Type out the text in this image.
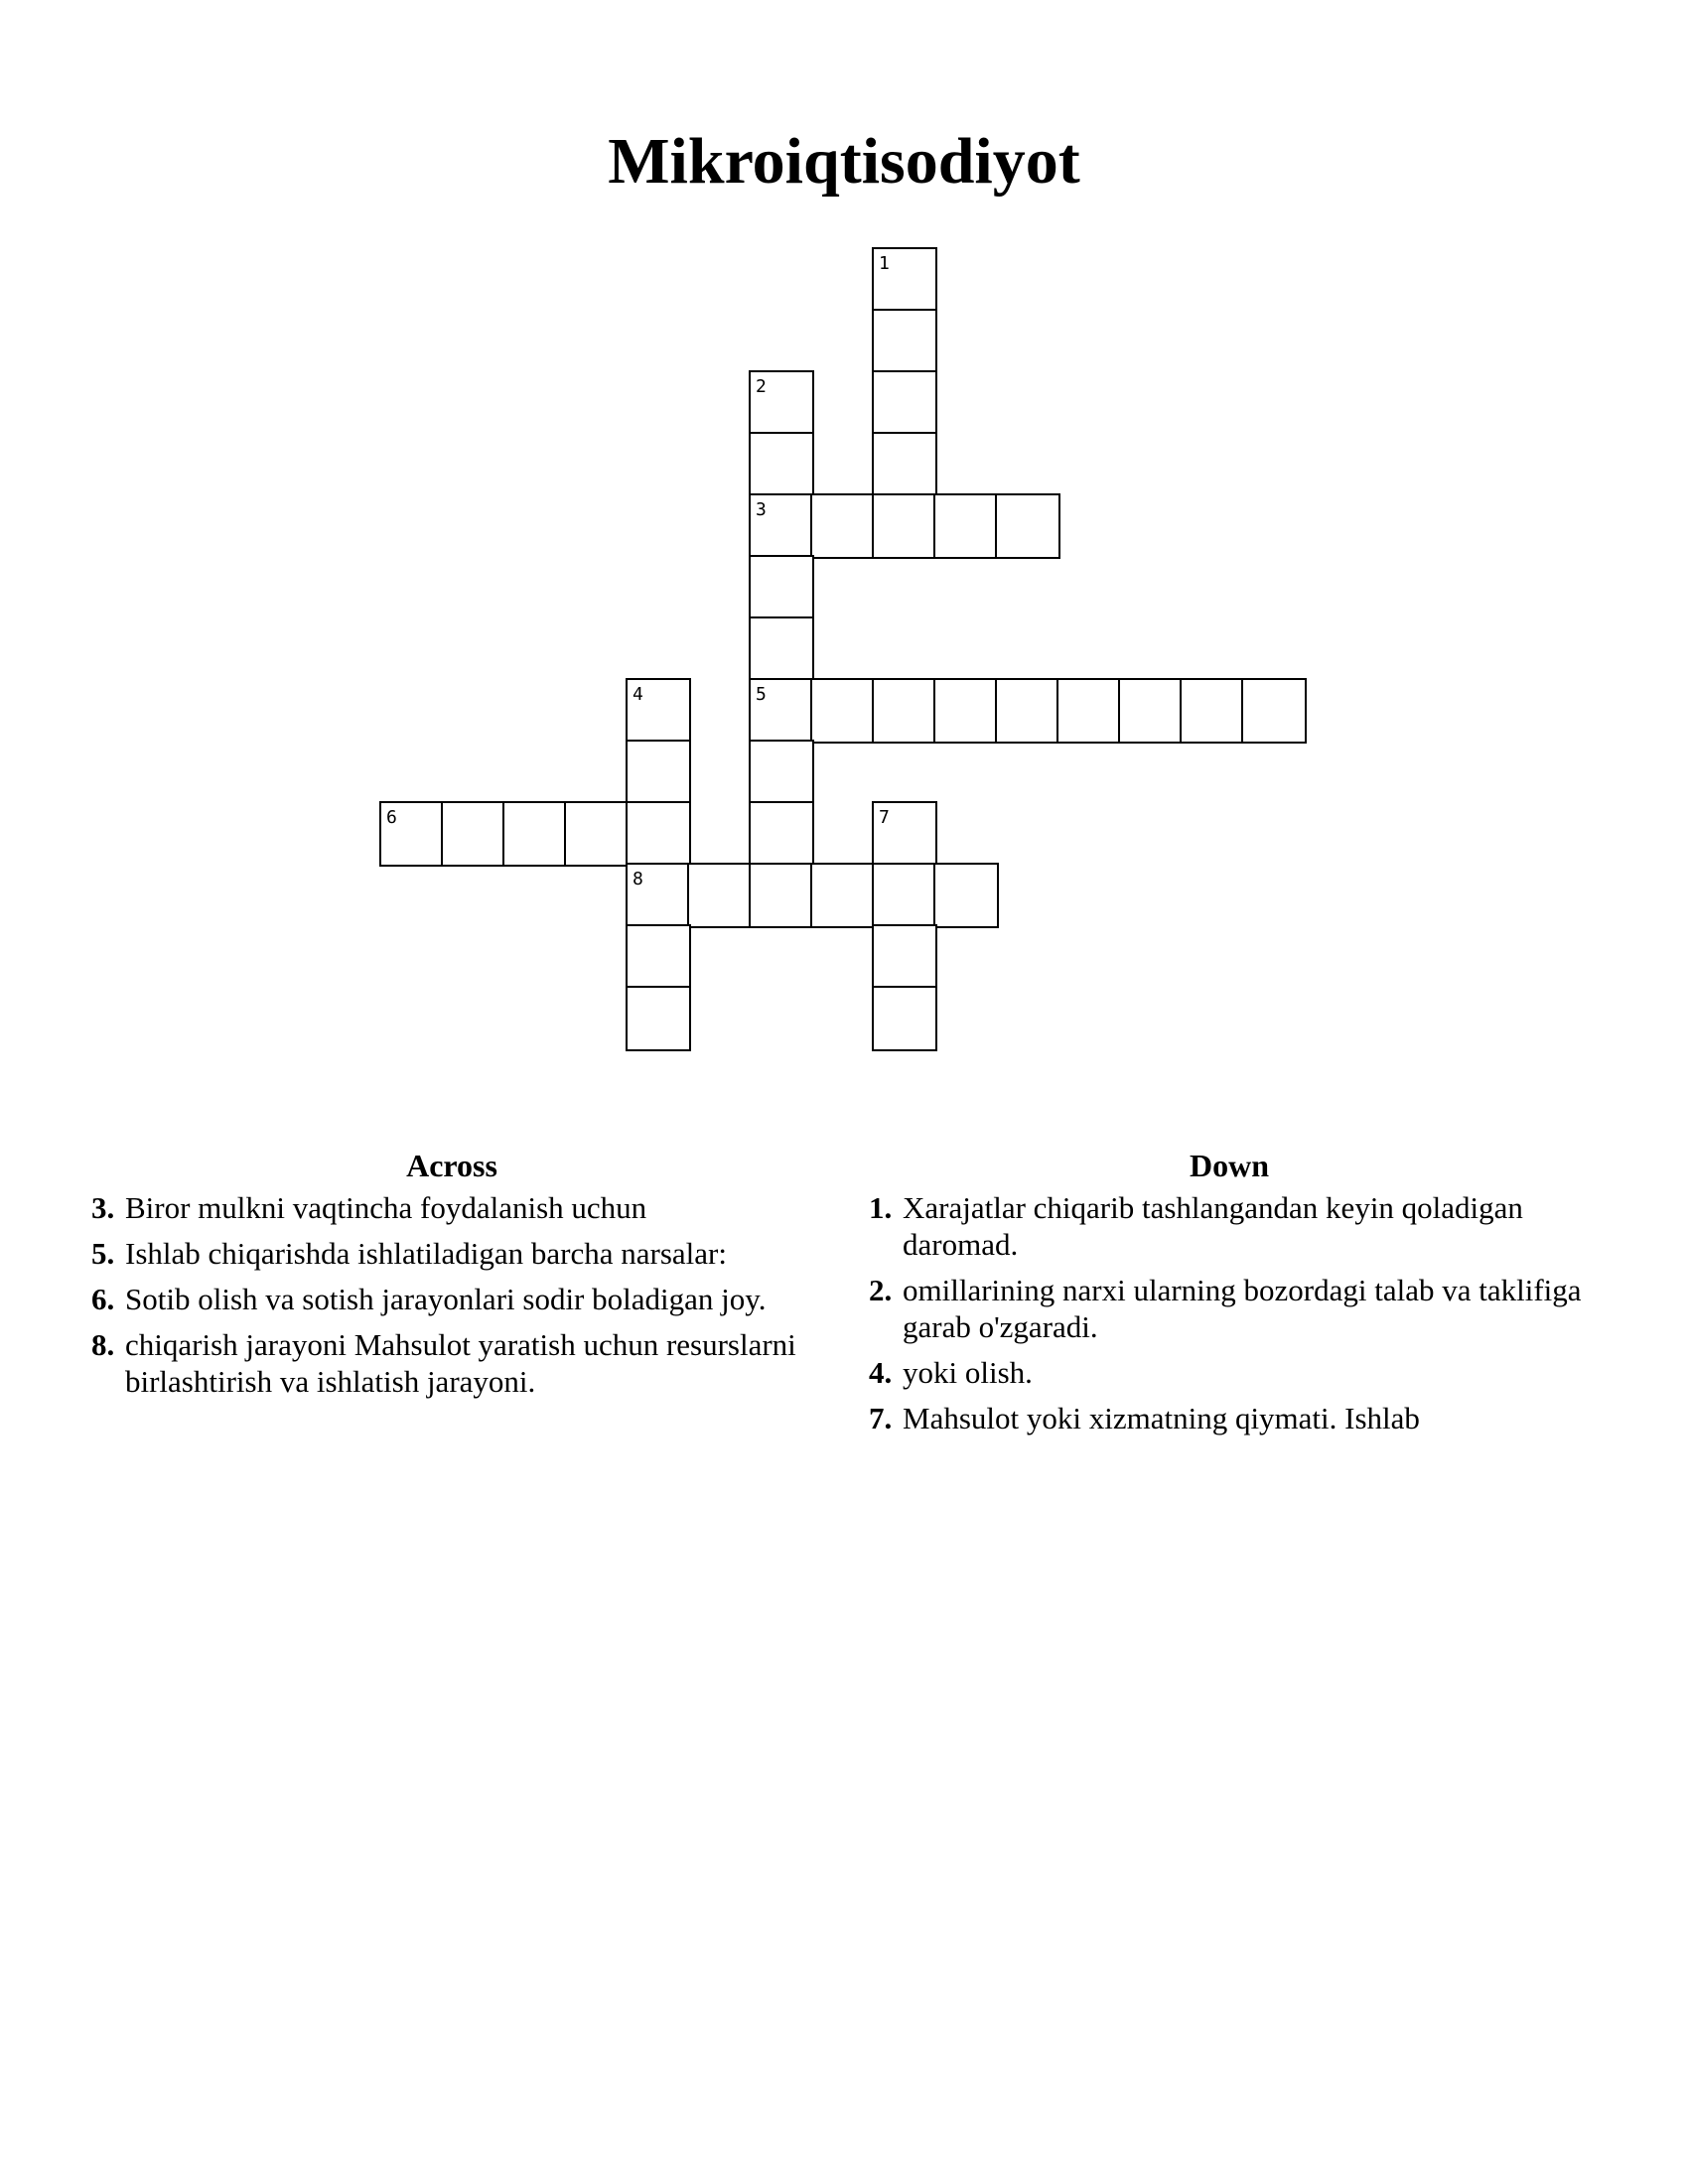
Mikroiqtisodiyot
1
2
3
4	5
6	7
8
Across
3. Biror mulkni vaqtincha foydalanish uchun
5. Ishlab chiqarishda ishlatiladigan barcha narsalar:
6. Sotib olish va sotish jarayonlari sodir boladigan joy.
8. chiqarish jarayoni Mahsulot yaratish uchun resurslarni birlashtirish va ishlatish jarayoni.
Down
1. Xarajatlar chiqarib tashlangandan keyin qoladigan daromad.
2. omillarining narxi ularning bozordagi talab va taklifiga garab o'zgaradi.
4. yoki olish.
7. Mahsulot yoki xizmatning qiymati. Ishlab
